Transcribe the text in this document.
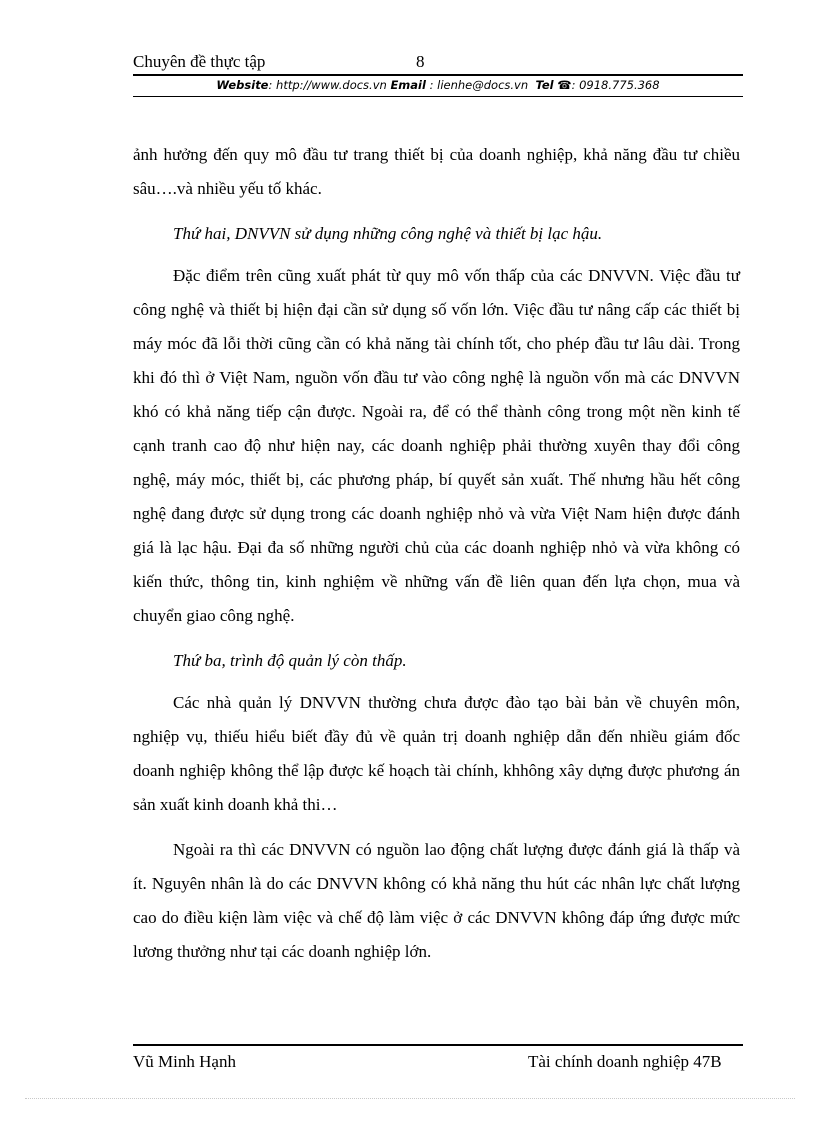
Chuyên đề thực tập	8
Website: http://www.docs.vn Email : lienhe@docs.vn Tel ☎: 0918.775.368

ảnh hưởng đến quy mô đầu tư trang thiết bị của doanh nghiệp, khả năng đầu tư chiều sâu….và nhiều yếu tố khác.

Thứ hai, DNVVN sử dụng những công nghệ và thiết bị lạc hậu.

Đặc điểm trên cũng xuất phát từ quy mô vốn thấp của các DNVVN. Việc đầu tư công nghệ và thiết bị hiện đại cần sử dụng số vốn lớn. Việc đầu tư nâng cấp các thiết bị máy móc đã lỗi thời cũng cần có khả năng tài chính tốt, cho phép đầu tư lâu dài. Trong khi đó thì ở Việt Nam, nguồn vốn đầu tư vào công nghệ là nguồn vốn mà các DNVVN khó có khả năng tiếp cận được. Ngoài ra, để có thể thành công trong một nền kinh tế cạnh tranh cao độ như hiện nay, các doanh nghiệp phải thường xuyên thay đổi công nghệ, máy móc, thiết bị, các phương pháp, bí quyết sản xuất. Thế nhưng hầu hết công nghệ đang được sử dụng trong các doanh nghiệp nhỏ và vừa Việt Nam hiện được đánh giá là lạc hậu. Đại đa số những người chủ của các doanh nghiệp nhỏ và vừa không có kiến thức, thông tin, kinh nghiệm về những vấn đề liên quan đến lựa chọn, mua và chuyển giao công nghệ.

Thứ ba, trình độ quản lý còn thấp.

Các nhà quản lý DNVVN thường chưa được đào tạo bài bản về chuyên môn, nghiệp vụ, thiếu hiểu biết đầy đủ về quản trị doanh nghiệp dẫn đến nhiều giám đốc doanh nghiệp không thể lập được kế hoạch tài chính, khhông xây dựng được phương án sản xuất kinh doanh khả thi…

Ngoài ra thì các DNVVN có nguồn lao động chất lượng được đánh giá là thấp và ít. Nguyên nhân là do các DNVVN không có khả năng thu hút các nhân lực chất lượng cao do điều kiện làm việc và chế độ làm việc ở các DNVVN không đáp ứng được mức lương thưởng như tại các doanh nghiệp lớn.

Vũ Minh Hạnh	Tài chính doanh nghiệp 47B
